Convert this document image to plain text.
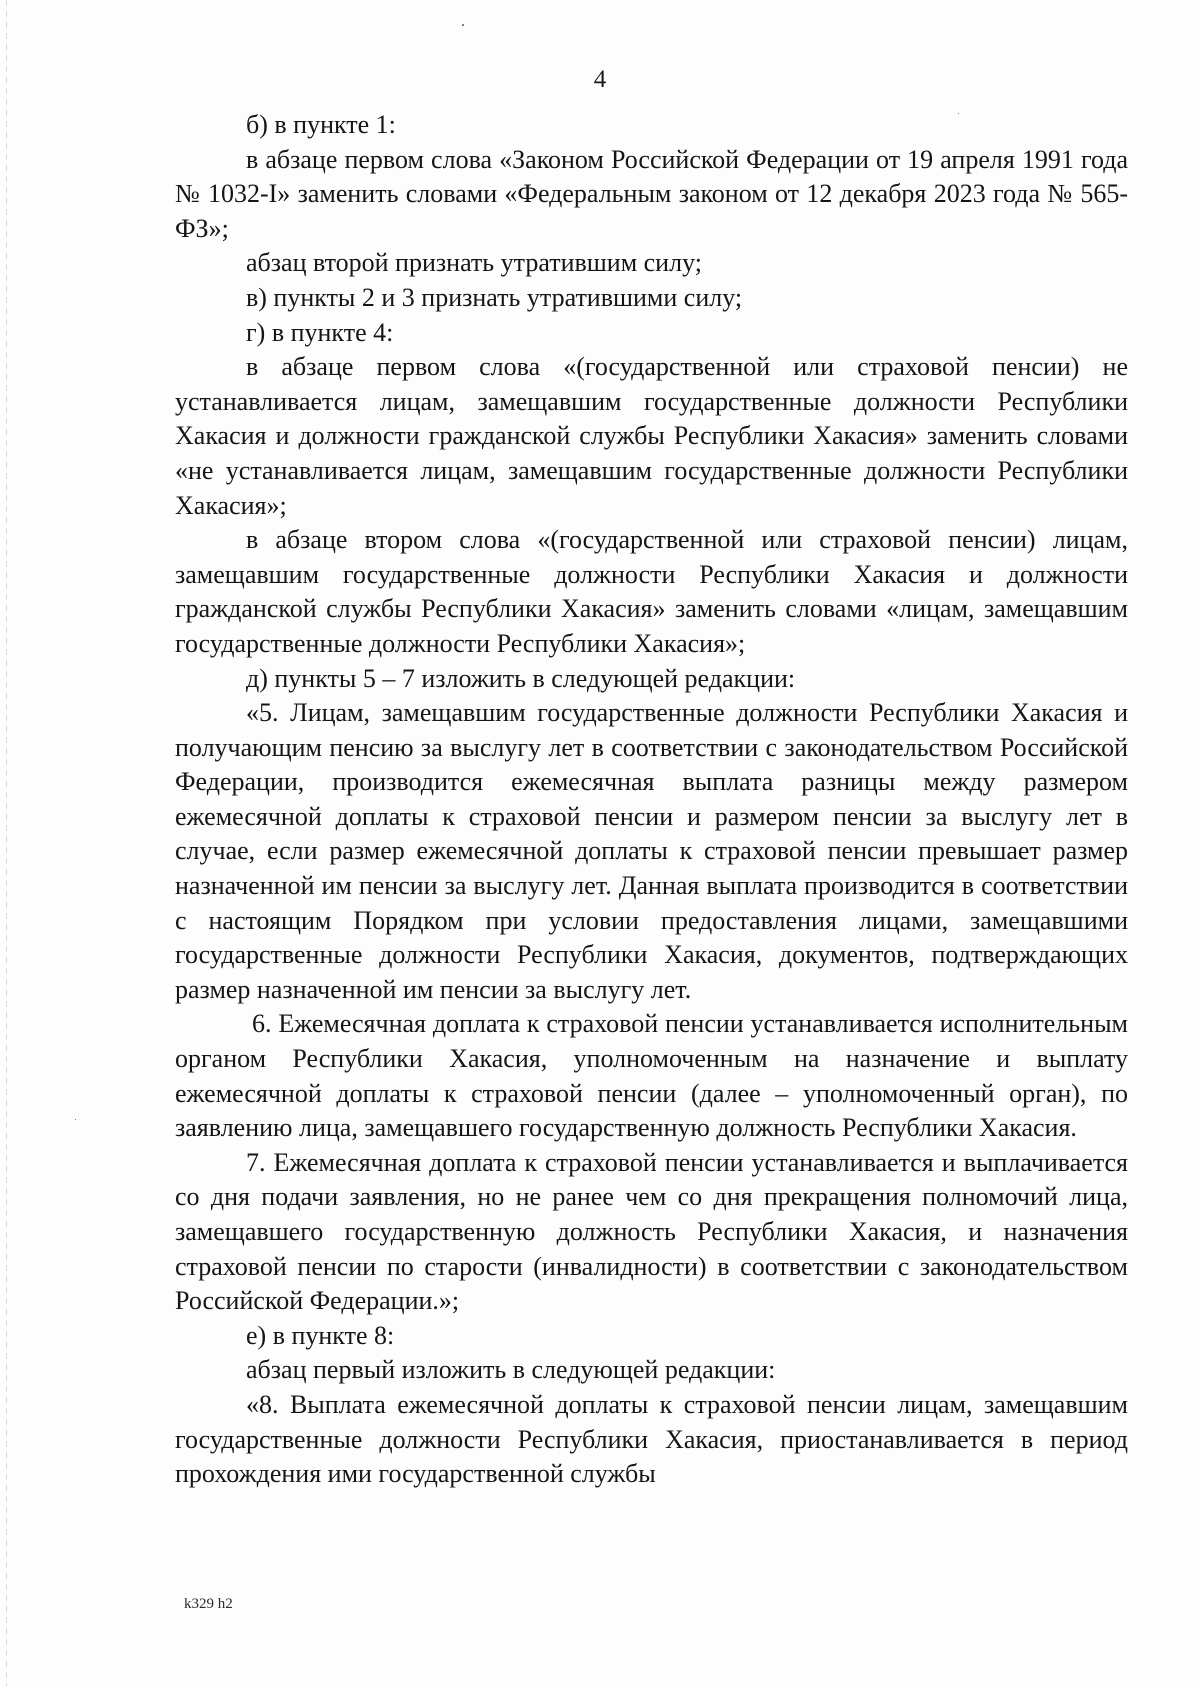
4

б) в пункте 1:

в абзаце первом слова «Законом Российской Федерации от 19 апреля 1991 года № 1032-I» заменить словами «Федеральным законом от 12 декабря 2023 года № 565-ФЗ»;

абзац второй признать утратившим силу;

в) пункты 2 и 3 признать утратившими силу;

г) в пункте 4:

в абзаце первом слова «(государственной или страховой пенсии) не устанавливается лицам, замещавшим государственные должности Республики Хакасия и должности гражданской службы Республики Хакасия» заменить словами «не устанавливается лицам, замещавшим государственные должности Республики Хакасия»;

в абзаце втором слова «(государственной или страховой пенсии) лицам, замещавшим государственные должности Республики Хакасия и должности гражданской службы Республики Хакасия» заменить словами «лицам, замещавшим государственные должности Республики Хакасия»;

д) пункты 5 – 7 изложить в следующей редакции:

«5. Лицам, замещавшим государственные должности Республики Хакасия и получающим пенсию за выслугу лет в соответствии с законодательством Российской Федерации, производится ежемесячная выплата разницы между размером ежемесячной доплаты к страховой пенсии и размером пенсии за выслугу лет в случае, если размер ежемесячной доплаты к страховой пенсии превышает размер назначенной им пенсии за выслугу лет. Данная выплата производится в соответствии с настоящим Порядком при условии предоставления лицами, замещавшими государственные должности Республики Хакасия, документов, подтверждающих размер назначенной им пенсии за выслугу лет.

6. Ежемесячная доплата к страховой пенсии устанавливается исполнительным органом Республики Хакасия, уполномоченным на назначение и выплату ежемесячной доплаты к страховой пенсии (далее – уполномоченный орган), по заявлению лица, замещавшего государственную должность Республики Хакасия.

7. Ежемесячная доплата к страховой пенсии устанавливается и выплачивается со дня подачи заявления, но не ранее чем со дня прекращения полномочий лица, замещавшего государственную должность Республики Хакасия, и назначения страховой пенсии по старости (инвалидности) в соответствии с законодательством Российской Федерации.»;

е) в пункте 8:

абзац первый изложить в следующей редакции:

«8. Выплата ежемесячной доплаты к страховой пенсии лицам, замещавшим государственные должности Республики Хакасия, приостанавливается в период прохождения ими государственной службы

k329 h2
